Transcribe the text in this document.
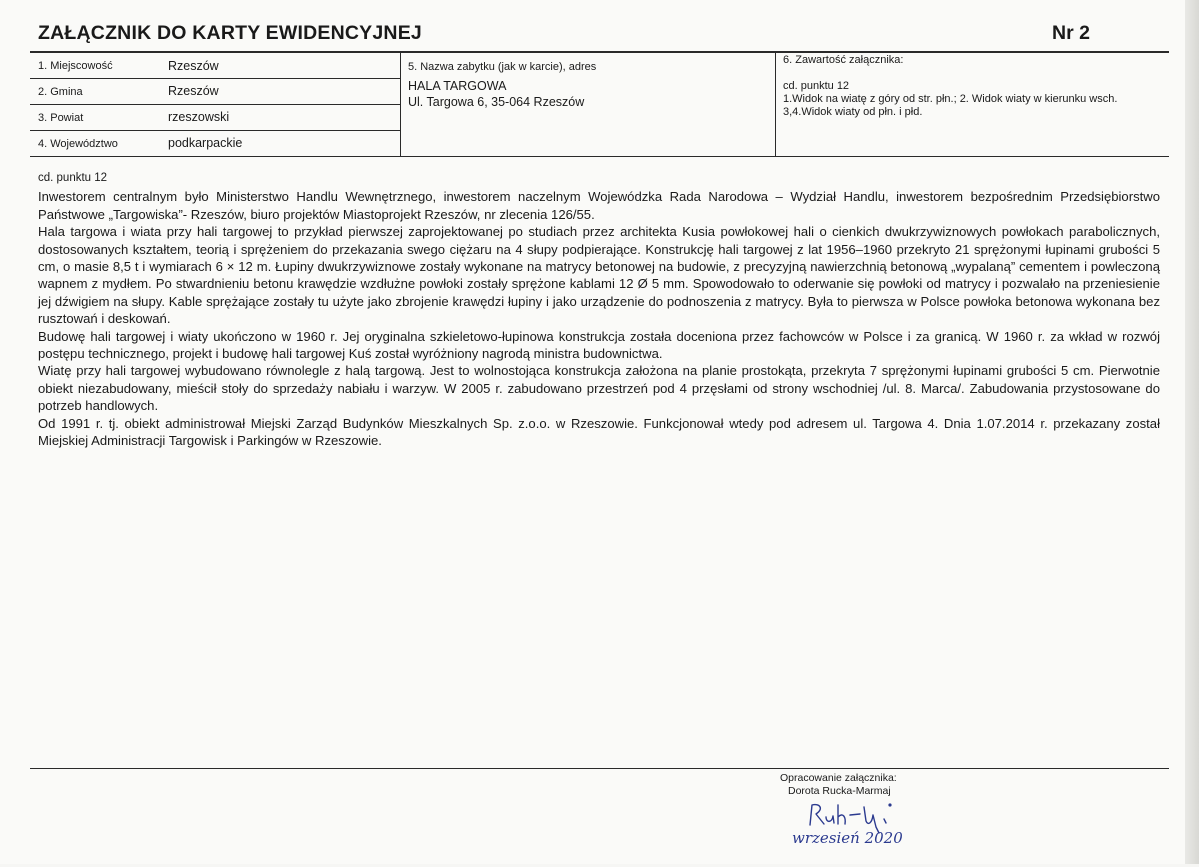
ZAŁĄCZNIK DO KARTY EWIDENCYJNEJ	Nr 2
1. Miejscowość	Rzeszów
2. Gmina	Rzeszów
3. Powiat	rzeszowski
4. Województwo	podkarpackie
5. Nazwa zabytku (jak w karcie), adres
HALA TARGOWA
Ul. Targowa 6, 35-064 Rzeszów
6. Zawartość załącznika:
cd. punktu 12
1.Widok na wiatę z góry od str. płn.; 2. Widok wiaty w kierunku wsch.
3,4.Widok wiaty od płn. i płd.
cd. punktu 12

Inwestorem centralnym było Ministerstwo Handlu Wewnętrznego, inwestorem naczelnym Wojewódzka Rada Narodowa – Wydział Handlu, inwestorem bezpośrednim Przedsiębiorstwo Państwowe „Targowiska”- Rzeszów, biuro projektów Miastoprojekt Rzeszów, nr zlecenia 126/55.

Hala targowa i wiata przy hali targowej to przykład pierwszej zaprojektowanej po studiach przez architekta Kusia powłokowej hali o cienkich dwukrzywiznowych powłokach parabolicznych, dostosowanych kształtem, teorią i sprężeniem do przekazania swego ciężaru na 4 słupy podpierające. Konstrukcję hali targowej z lat 1956–1960 przekryto 21 sprężonymi łupinami grubości 5 cm, o masie 8,5 t i wymiarach 6 × 12 m. Łupiny dwukrzywiznowe zostały wykonane na matrycy betonowej na budowie, z precyzyjną nawierzchnią betonową „wypalaną” cementem i powleczoną wapnem z mydłem. Po stwardnieniu betonu krawędzie wzdłużne powłoki zostały sprężone kablami 12 Ø 5 mm. Spowodowało to oderwanie się powłoki od matrycy i pozwalało na przeniesienie jej dźwigiem na słupy. Kable sprężające zostały tu użyte jako zbrojenie krawędzi łupiny i jako urządzenie do podnoszenia z matrycy. Była to pierwsza w Polsce powłoka betonowa wykonana bez rusztowań i deskowań.

Budowę hali targowej i wiaty ukończono w 1960 r. Jej oryginalna szkieletowo-łupinowa konstrukcja została doceniona przez fachowców w Polsce i za granicą. W 1960 r. za wkład w rozwój postępu technicznego, projekt i budowę hali targowej Kuś został wyróżniony nagrodą ministra budownictwa.

Wiatę przy hali targowej wybudowano równolegle z halą targową. Jest to wolnostojąca konstrukcja założona na planie prostokąta, przekryta 7 sprężonymi łupinami grubości 5 cm. Pierwotnie obiekt niezabudowany, mieścił stoły do sprzedaży nabiału i warzyw. W 2005 r. zabudowano przestrzeń pod 4 przęsłami od strony wschodniej /ul. 8. Marca/. Zabudowania przystosowane do potrzeb handlowych.

Od 1991 r. tj. obiekt administrował Miejski Zarząd Budynków Mieszkalnych Sp. z.o.o. w Rzeszowie. Funkcjonował wtedy pod adresem ul. Targowa 4. Dnia 1.07.2014 r. przekazany został Miejskiej Administracji Targowisk i Parkingów w Rzeszowie.

Opracowanie załącznika:
Dorota Rucka-Marmaj
wrzesień 2020
